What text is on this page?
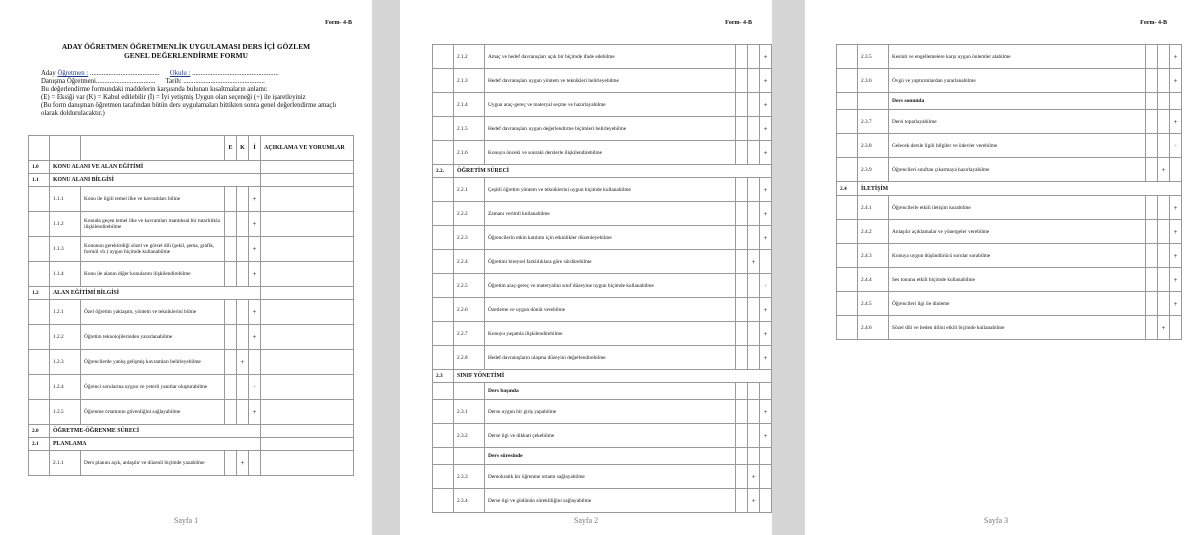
Form- 4-B
ADAY ÖĞRETMEN ÖĞRETMENLİK UYGULAMASI DERS İÇİ GÖZLEM
GENEL DEĞERLENDİRME FORMU
Aday Öğretmen : ......................................... Okulu : ...................................................
Danışma Öğretmeni................................... Tarih: ................................................
Bu değerlendirme formundaki maddelerin karşısında bulunan kısaltmaların anlamı:
(E) = Eksiği var (K) = Kabul edilebilir (İ) = İyi yetişmiş Uygun olan seçeneği (+) ile işaretleyiniz
(Bu form danışman öğretmen tarafından bütün ders uygulamaları bittikten sonra genel değerlendirme amaçlı olarak doldurulacaktır.)
			E	K	İ	AÇIKLAMA VE YORUMLAR
1.0	KONU ALANI VE ALAN EĞİTİMİ					
1.1	KONU ALANI BİLGİSİ					
	1.1.1	Konu ile ilgili temel ilke ve kavramları bilme			+	
	1.1.2	Konuda geçen temel ilke ve kavramları mantıksal bir tutarlılıkla ilişkilendirebilme			+	
	1.1.3	Konunun gerektirdiği sözel ve görsel dili (şekil, şema, grafik, formül vb.) uygun biçimde kullanabilme			+	
	1.1.4	Konu ile alanın diğer konularını ilişkilendirebilme			+	
1.2	ALAN EĞİTİMİ BİLGİSİ					
	1.2.1	Özel öğretim yaklaşım, yöntem ve tekniklerini bilme			+	
	1.2.2	Öğretim teknolojilerinden yararlanabilme			+	
	1.2.3	Öğrencilerde yanlış gelişmiş kavramları belirleyebilme		+		
	1.2.4	Öğrenci sorularına uygun ve yeterli yanıtlar oluşturabilme			+	
	1.2.5	Öğrenme ortamının güvenliğini sağlayabilme			+	
2.0	ÖĞRETME-ÖĞRENME SÜRECİ					
2.1	PLANLAMA					
	2.1.1	Ders planını açık, anlaşılır ve düzenli biçimde yazabilme		+		
Sayfa 1
Form- 4-B
	2.1.2	Amaç ve hedef davranışları açık bir biçimde ifade edebilme			+
	2.1.3	Hedef davranışları uygun yöntem ve teknikleri belirleyebilme			+
	2.1.4	Uygun araç-gereç ve materyal seçme ve hazırlayabilme			+
	2.1.5	Hedef davranışları uygun değerlendirme biçimleri belirleyebilme			+
	2.1.6	Konuyu önceki ve sonraki derslerle ilişkilendirebilme			+
2.2.	ÖĞRETİM SÜRECİ				
	2.2.1	Çeşitli öğretim yöntem ve tekniklerini uygun biçimde kullanabilme			+
	2.2.2	Zamanı verimli kullanabilme			+
	2.2.3	Öğrencilerin etkin katılımı için etkinlikler düzenleyebilme			+
	2.2.4	Öğretimi bireysel farklılıklara göre sürdürebilme		+	
	2.2.5	Öğretim araç-gereç ve materyalini sınıf düzeyine uygun biçimde kullanabilme			+
	2.2.6	Özetleme ve uygun dönüt verebilme			+
	2.2.7	Konuyu yaşamla ilişkilendirebilme			+
	2.2.8	Hedef davranışların ulaşma düzeyini değerlendirebilme			+
2.3	SINIF YÖNETİMİ				
		Ders başında			
	2.3.1	Derse uygun bir giriş yapabilme			+
	2.3.2	Derse ilgi ve dikkati çekebilme			+
		Ders süresinde			
	2.3.3	Demokratik bir öğrenme ortamı sağlayabilme		+	
	2.3.4	Derse ilgi ve güdünün sürekliliğini sağlayabilme		+	
Sayfa 2
Form- 4-B
	2.3.5	Kesinti ve engellemelere karşı uygun önlemler alabilme			+
	2.3.6	Övgü ve yaptırımlardan yararlanabilme			+
		Ders sonunda			
	2.3.7	Dersi toparlayabilme			+
	2.3.8	Gelecek dersle ilgili bilgiler ve ödevler verebilme			+
	2.3.9	Öğrencileri sınıftan çıkarmaya hazırlayabilme		+	
2.4	İLETİŞİM				
	2.4.1	Öğrencilerle etkili iletişim kurabilme			+
	2.4.2	Anlaşılır açıklamalar ve yönergeler verebilme			+
	2.4.3	Konuya uygun düşündürücü sorular sorabilme			+
	2.4.4	Ses tonunu etkili biçimde kullanabilme			+
	2.4.5	Öğrencileri ilgi ile dinleme			+
	2.4.6	Sözel dili ve beden dilini etkili biçimde kullanabilme		+	
Sayfa 3
